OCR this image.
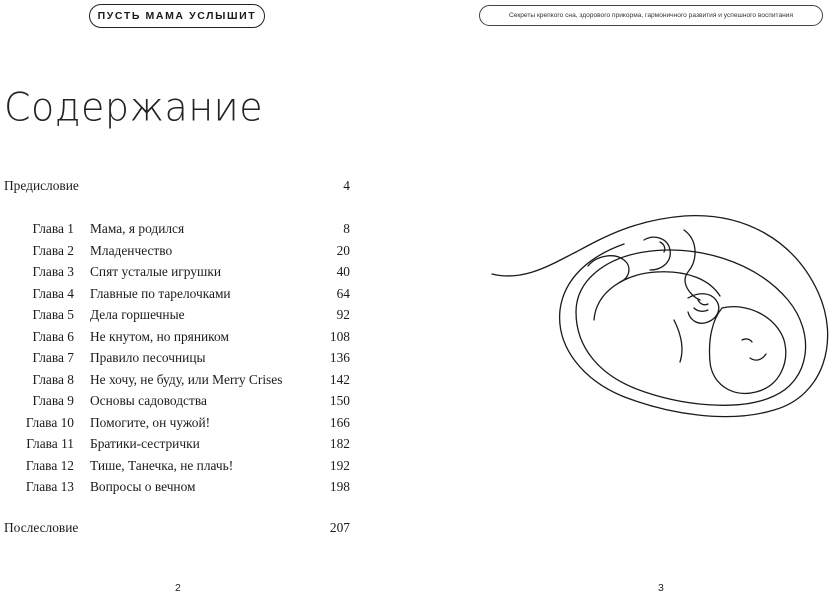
ПУСТЬ МАМА УСЛЫШИТ
Содержание
Предисловие	4
Глава 1 Мама, я родился	8
Глава 2 Младенчество	20
Глава 3 Спят усталые игрушки	40
Глава 4 Главные по тарелочками	64
Глава 5 Дела горшечные	92
Глава 6 Не кнутом, но пряником	108
Глава 7 Правило песочницы	136
Глава 8 Не хочу, не буду, или Merry Crises	142
Глава 9 Основы садоводства	150
Глава 10 Помогите, он чужой!	166
Глава 11 Братики-сестрички	182
Глава 12 Тише, Танечка, не плачь!	192
Глава 13 Вопросы о вечном	198
Послесловие	207
2
Секреты крепкого сна, здорового прикорма, гармоничного развития и успешного воспитания
3
